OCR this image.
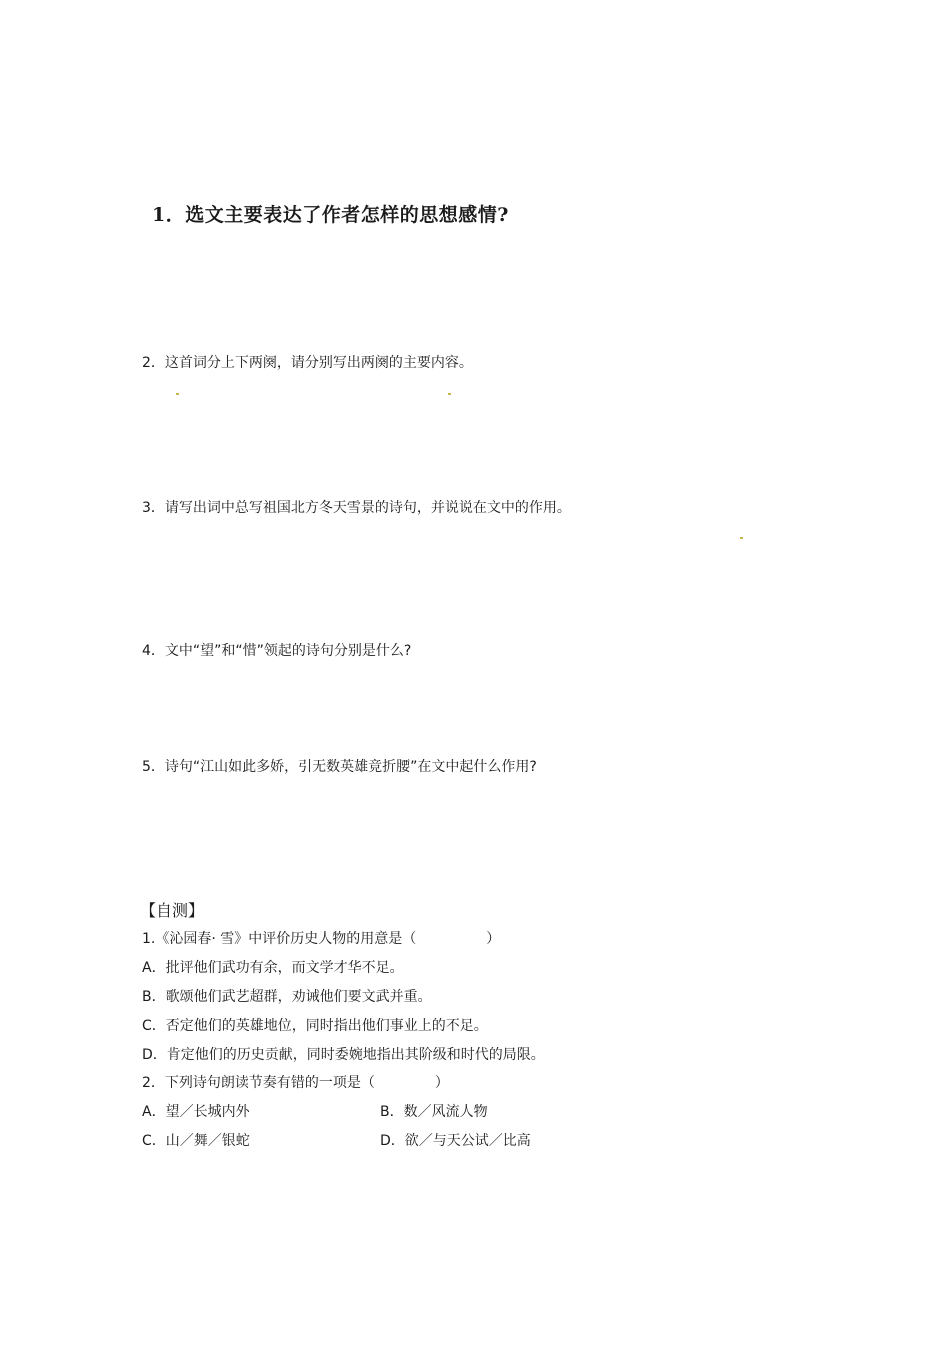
1．选文主要表达了作者怎样的思想感情?
2．这首词分上下两阕，请分别写出两阕的主要内容。
3．请写出词中总写祖国北方冬天雪景的诗句，并说说在文中的作用。
4．文中“望”和“惜”领起的诗句分别是什么?
5．诗句“江山如此多娇，引无数英雄竞折腰”在文中起什么作用?
【自测】
1.《沁园春· 雪》中评价历史人物的用意是（	）
A．批评他们武功有余，而文学才华不足。
B．歌颂他们武艺超群，劝诫他们要文武并重。
C．否定他们的英雄地位，同时指出他们事业上的不足。
D．肯定他们的历史贡献，同时委婉地指出其阶级和时代的局限。
2．下列诗句朗读节奏有错的一项是（	）
A．望／长城内外	B．数／风流人物
C．山／舞／银蛇	D．欲／与天公试／比高
